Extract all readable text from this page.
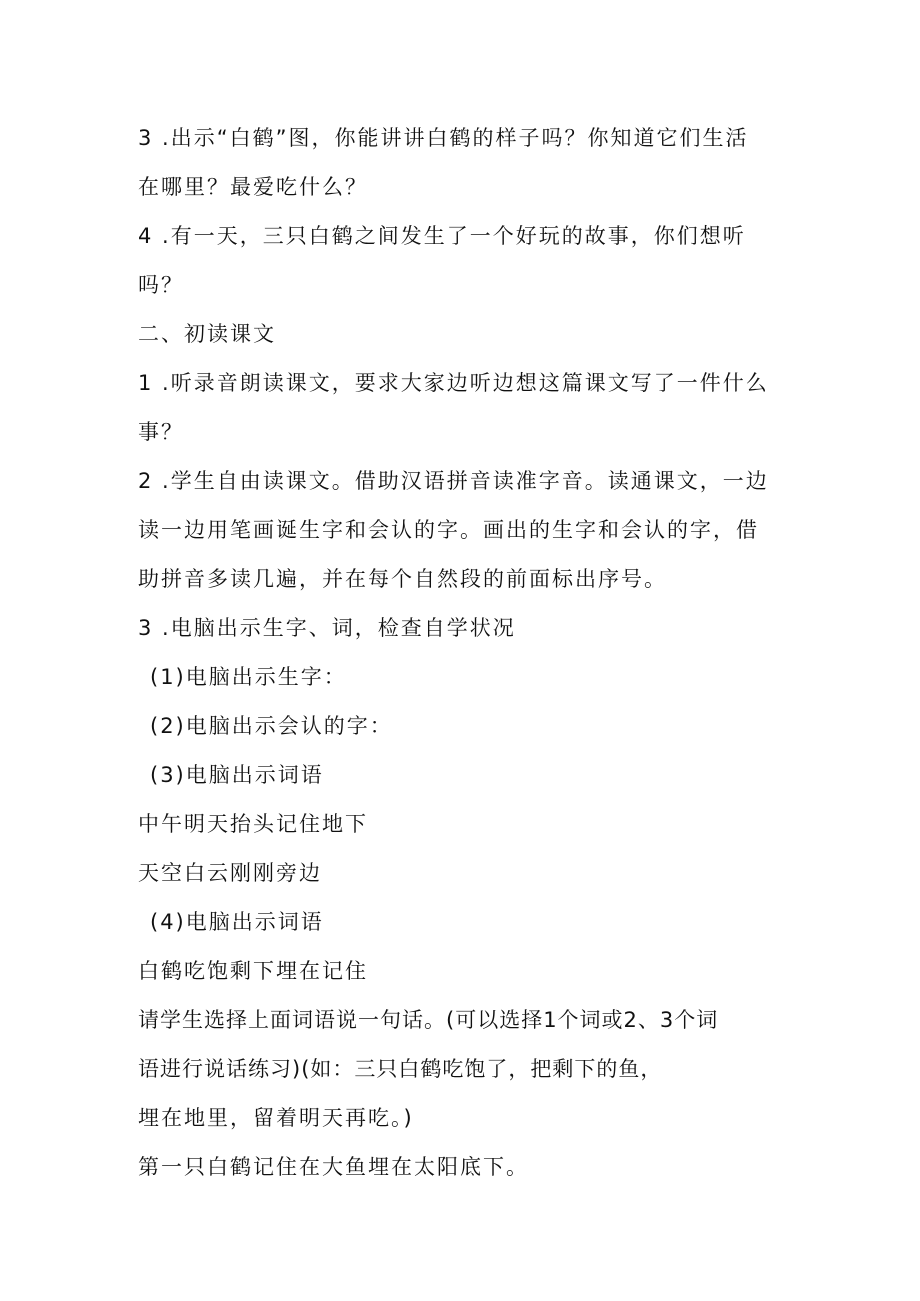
3 .出示“白鹤”图，你能讲讲白鹤的样子吗？你知道它们生活
在哪里？最爱吃什么？
4 .有一天，三只白鹤之间发生了一个好玩的故事，你们想听
吗？
二、初读课文
1 .听录音朗读课文，要求大家边听边想这篇课文写了一件什么
事？
2 .学生自由读课文。借助汉语拼音读准字音。读通课文，一边
读一边用笔画诞生字和会认的字。画出的生字和会认的字，借
助拼音多读几遍，并在每个自然段的前面标出序号。
3 .电脑出示生字、词，检查自学状况
(1)电脑出示生字：
(2)电脑出示会认的字：
(3)电脑出示词语
中午明天抬头记住地下
天空白云刚刚旁边
(4)电脑出示词语
白鹤吃饱剩下埋在记住
请学生选择上面词语说一句话。(可以选择1个词或2、3个词
语进行说话练习)(如：三只白鹤吃饱了，把剩下的鱼，
埋在地里，留着明天再吃。)
第一只白鹤记住在大鱼埋在太阳底下。
